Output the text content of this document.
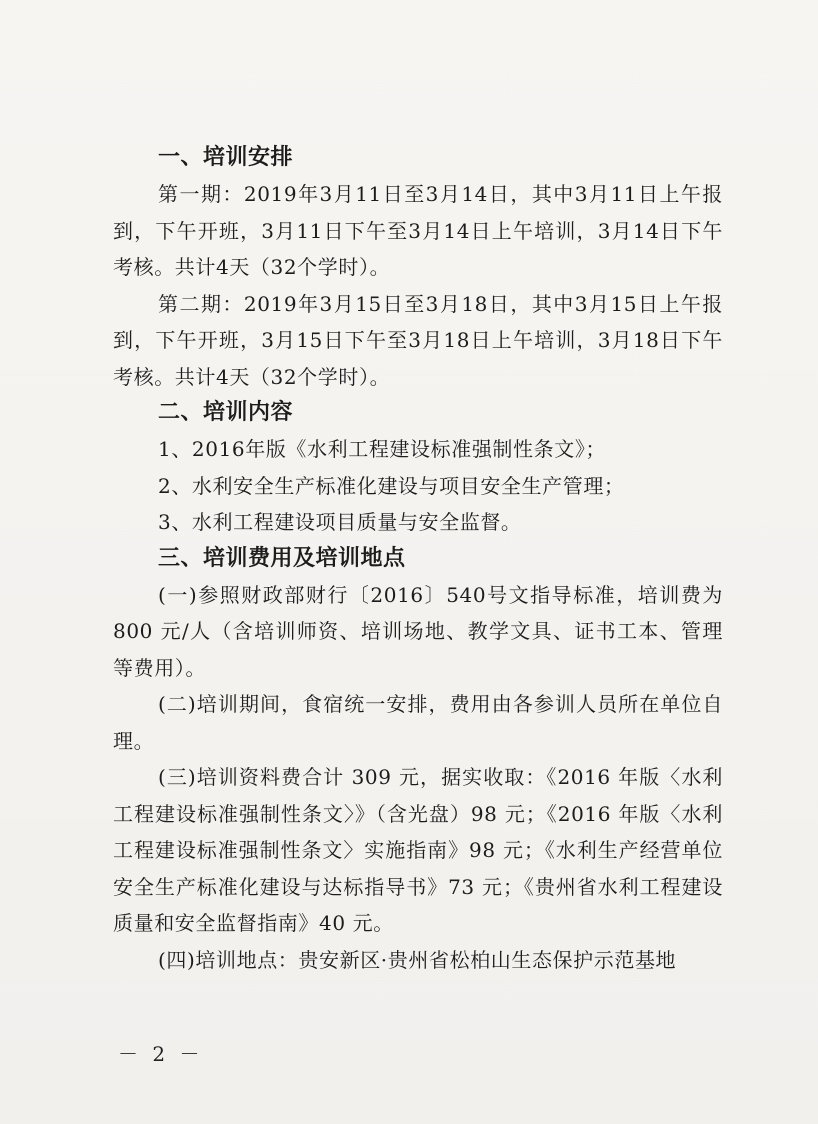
一、培训安排

第一期：2019年3月11日至3月14日，其中3月11日上午报到，下午开班，3月11日下午至3月14日上午培训，3月14日下午考核。共计4天（32个学时）。

第二期：2019年3月15日至3月18日，其中3月15日上午报到，下午开班，3月15日下午至3月18日上午培训，3月18日下午考核。共计4天（32个学时）。

二、培训内容
1、2016年版《水利工程建设标准强制性条文》；
2、水利安全生产标准化建设与项目安全生产管理；
3、水利工程建设项目质量与安全监督。
三、培训费用及培训地点

(一)参照财政部财行〔2016〕540号文指导标准，培训费为800 元/人（含培训师资、培训场地、教学文具、证书工本、管理等费用）。

(二)培训期间，食宿统一安排，费用由各参训人员所在单位自理。

(三)培训资料费合计 309 元，据实收取：《2016 年版〈水利工程建设标准强制性条文〉》（含光盘）98 元；《2016 年版〈水利工程建设标准强制性条文〉实施指南》98 元；《水利生产经营单位安全生产标准化建设与达标指导书》73 元；《贵州省水利工程建设质量和安全监督指南》40 元。

(四)培训地点：贵安新区·贵州省松柏山生态保护示范基地

－ 2 －
